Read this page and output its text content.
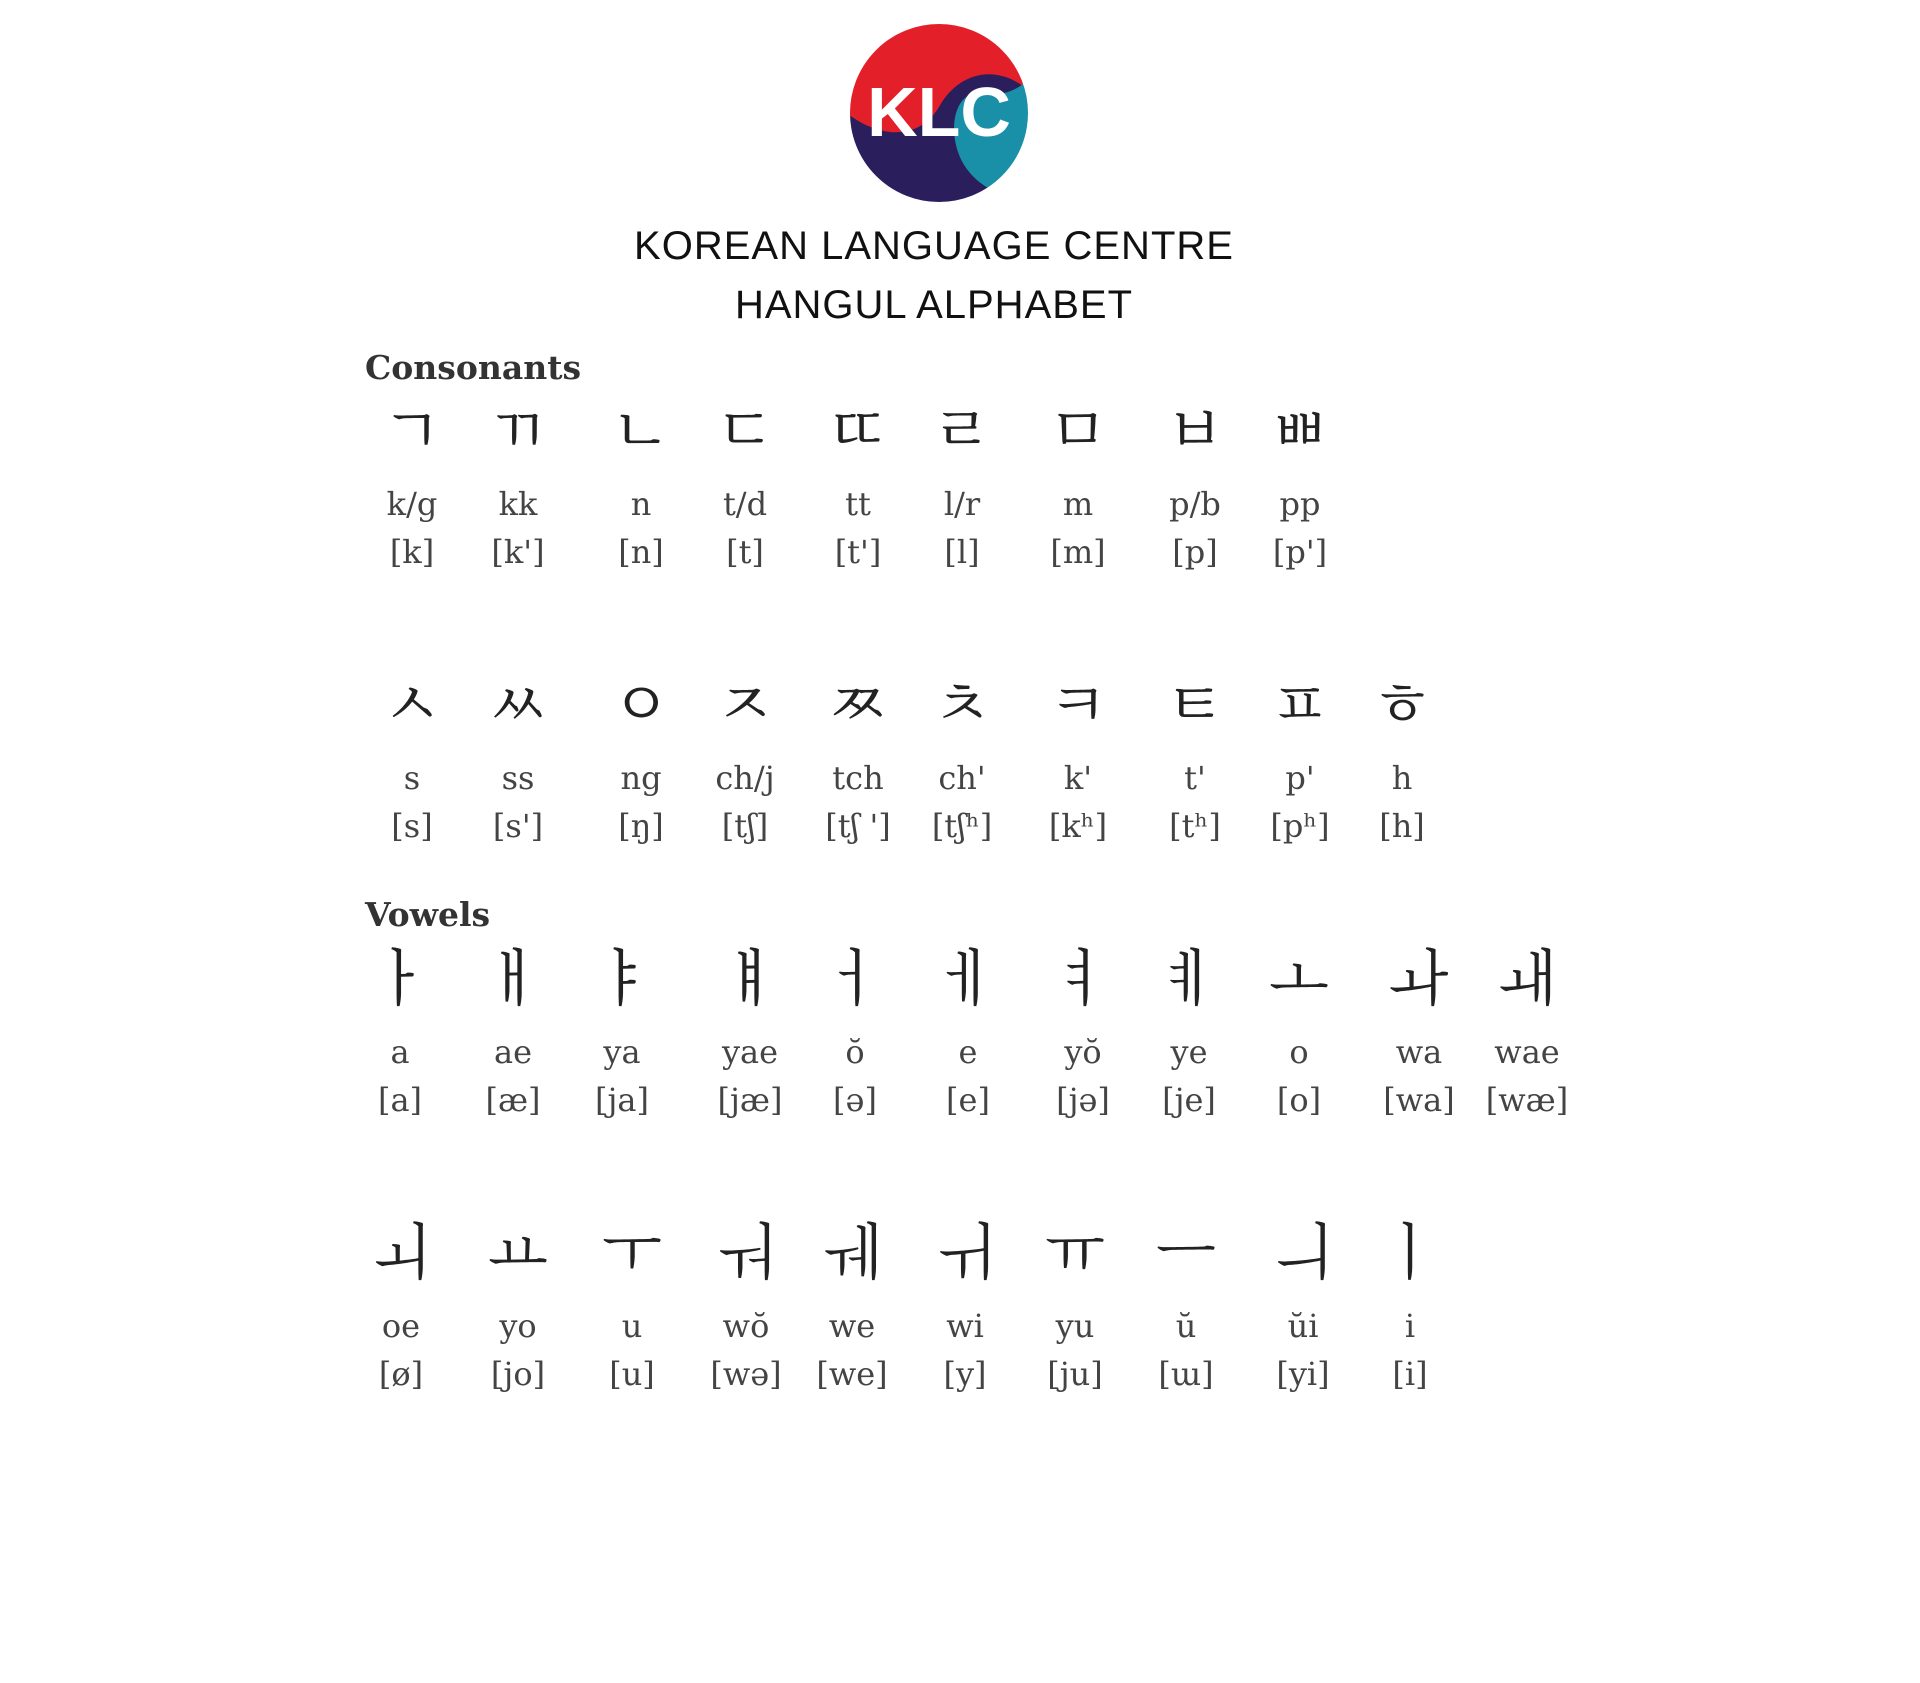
KLC
KOREAN LANGUAGE CENTRE
HANGUL ALPHABET
Consonants
Vowels
ㄱ
k/g
[k]
ㄲ
kk
[k']
ㄴ
n
[n]
ㄷ
t/d
[t]
ㄸ
tt
[t']
ㄹ
l/r
[l]
ㅁ
m
[m]
ㅂ
p/b
[p]
ㅃ
pp
[p']
ㅅ
s
[s]
ㅆ
ss
[s']
ㅇ
ng
[ŋ]
ㅈ
ch/j
[tʃ]
ㅉ
tch
[tʃ ']
ㅊ
ch'
[tʃʰ]
ㅋ
k'
[kʰ]
ㅌ
t'
[tʰ]
ㅍ
p'
[pʰ]
ㅎ
h
[h]
ㅏ
a
[a]
ㅐ
ae
[æ]
ㅑ
ya
[ja]
ㅒ
yae
[jæ]
ㅓ
ŏ
[ə]
ㅔ
e
[e]
ㅕ
yŏ
[jə]
ㅖ
ye
[je]
ㅗ
o
[o]
ㅘ
wa
[wa]
ㅙ
wae
[wæ]
ㅚ
oe
[ø]
ㅛ
yo
[jo]
ㅜ
u
[u]
ㅝ
wŏ
[wə]
ㅞ
we
[we]
ㅟ
wi
[y]
ㅠ
yu
[ju]
ㅡ
ŭ
[ɯ]
ㅢ
ŭi
[yi]
ㅣ
i
[i]
